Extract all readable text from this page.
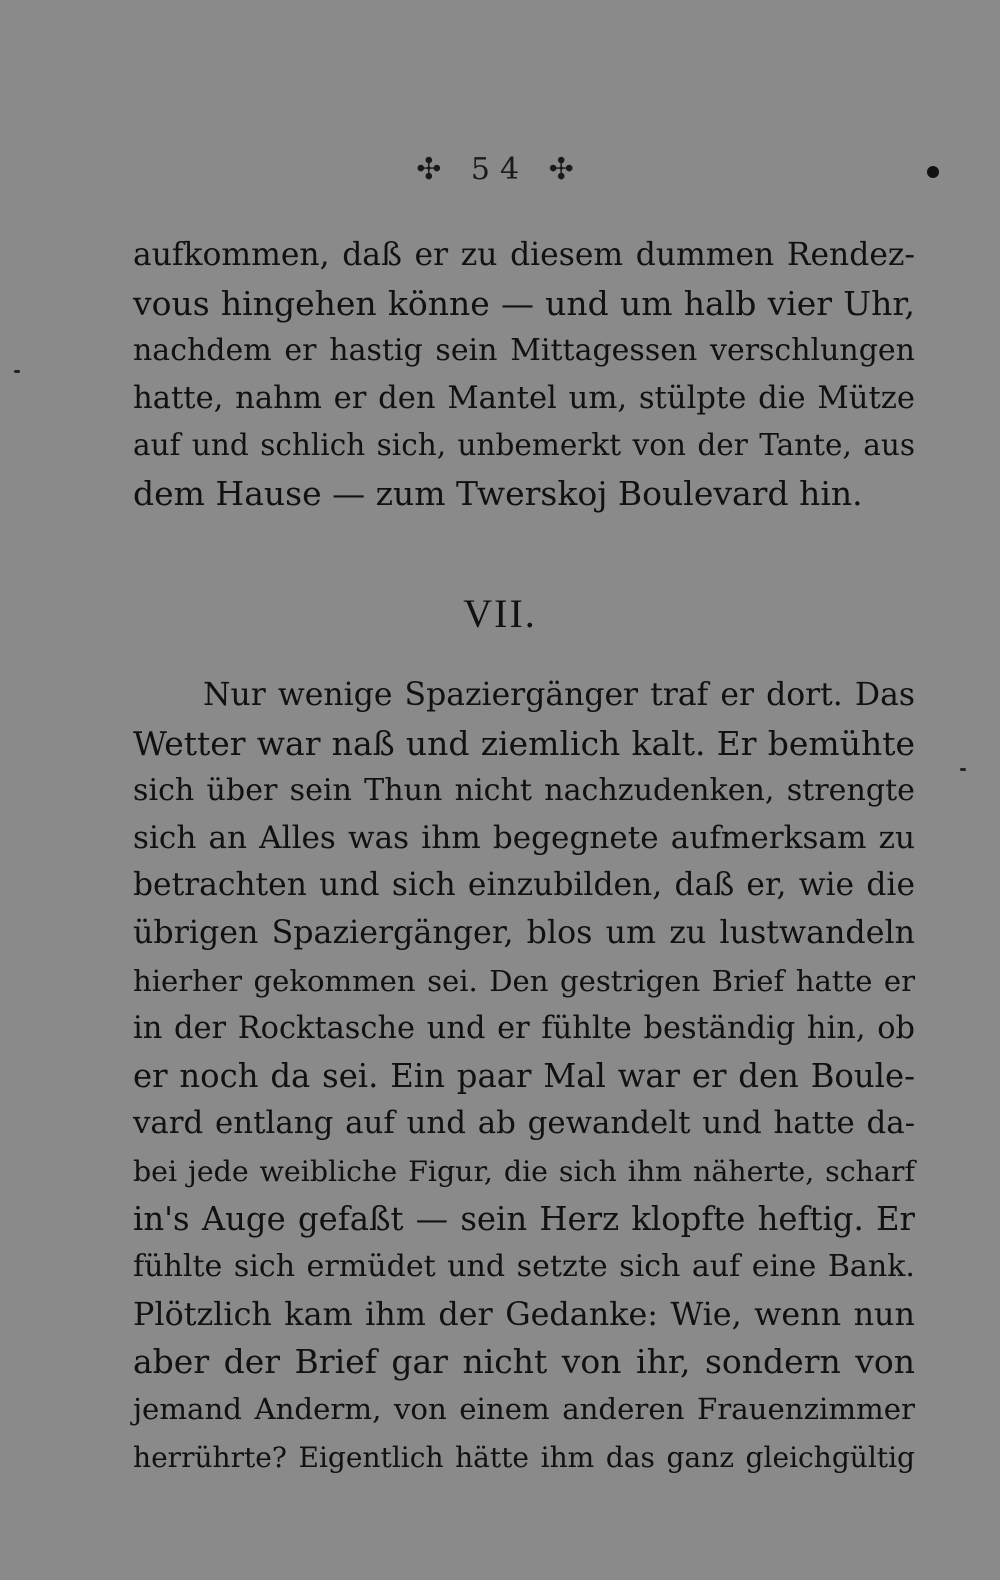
✣ 54 ✣
aufkommen, daß er zu diesem dummen Rendez-
vous hingehen könne — und um halb vier Uhr,
nachdem er hastig sein Mittagessen verschlungen
hatte, nahm er den Mantel um, stülpte die Mütze
auf und schlich sich, unbemerkt von der Tante, aus
dem Hause — zum Twerskoj Boulevard hin.
VII.
Nur wenige Spaziergänger traf er dort. Das
Wetter war naß und ziemlich kalt. Er bemühte
sich über sein Thun nicht nachzudenken, strengte
sich an Alles was ihm begegnete aufmerksam zu
betrachten und sich einzubilden, daß er, wie die
übrigen Spaziergänger, blos um zu lustwandeln
hierher gekommen sei. Den gestrigen Brief hatte er
in der Rocktasche und er fühlte beständig hin, ob
er noch da sei. Ein paar Mal war er den Boule-
vard entlang auf und ab gewandelt und hatte da-
bei jede weibliche Figur, die sich ihm näherte, scharf
in's Auge gefaßt — sein Herz klopfte heftig. Er
fühlte sich ermüdet und setzte sich auf eine Bank.
Plötzlich kam ihm der Gedanke: Wie, wenn nun
aber der Brief gar nicht von ihr, sondern von
jemand Anderm, von einem anderen Frauenzimmer
herrührte? Eigentlich hätte ihm das ganz gleichgültig
